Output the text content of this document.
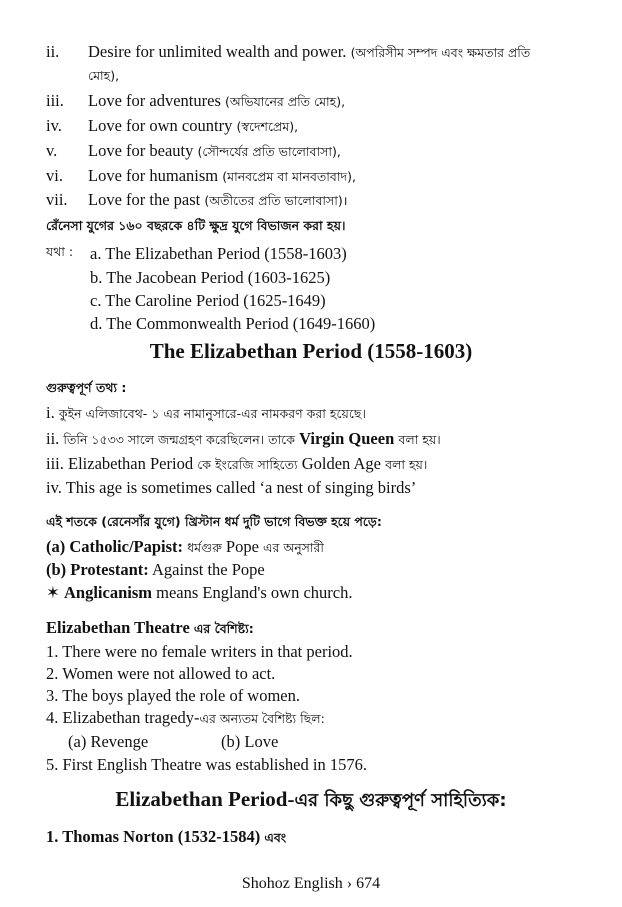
ii. Desire for unlimited wealth and power. (অপরিসীম সম্পদ এবং ক্ষমতার প্রতি
মোহ),
iii. Love for adventures (অভিযানের প্রতি মোহ),
iv. Love for own country (স্বদেশপ্রেম),
v. Love for beauty (সৌন্দর্যের প্রতি ভালোবাসা),
vi. Love for humanism (মানবপ্রেম বা মানবতাবাদ),
vii. Love for the past (অতীতের প্রতি ভালোবাসা)।
রেঁনেসা যুগের ১৬০ বছরকে ৪টি ক্ষুদ্র যুগে বিভাজন করা হয়।
যথা : a. The Elizabethan Period (1558-1603)
b. The Jacobean Period (1603-1625)
c. The Caroline Period (1625-1649)
d. The Commonwealth Period (1649-1660)
The Elizabethan Period (1558-1603)
গুরুত্বপূর্ণ তথ্য :
i. কুইন এলিজাবেথ- ১ এর নামানুসারে-এর নামকরণ করা হয়েছে।
ii. তিনি ১৫৩৩ সালে জন্মগ্রহণ করেছিলেন। তাকে Virgin Queen বলা হয়।
iii. Elizabethan Period কে ইংরেজি সাহিত্যে Golden Age বলা হয়।
iv. This age is sometimes called ‘a nest of singing birds’
এই শতকে (রেনেসাঁর যুগে) খ্রিস্টান ধর্ম দুটি ভাগে বিভক্ত হয়ে পড়ে:
(a) Catholic/Papist: ধর্মগুরু Pope এর অনুসারী
(b) Protestant: Against the Pope
✶ Anglicanism means England's own church.
Elizabethan Theatre এর বৈশিষ্ট্য:
1. There were no female writers in that period.
2. Women were not allowed to act.
3. The boys played the role of women.
4. Elizabethan tragedy-এর অন্যতম বৈশিষ্ট্য ছিল:
(a) Revenge	(b) Love
5. First English Theatre was established in 1576.
Elizabethan Period-এর কিছু গুরুত্বপূর্ণ সাহিত্যিক:
1. Thomas Norton (1532-1584) এবং
Shohoz English › 674
